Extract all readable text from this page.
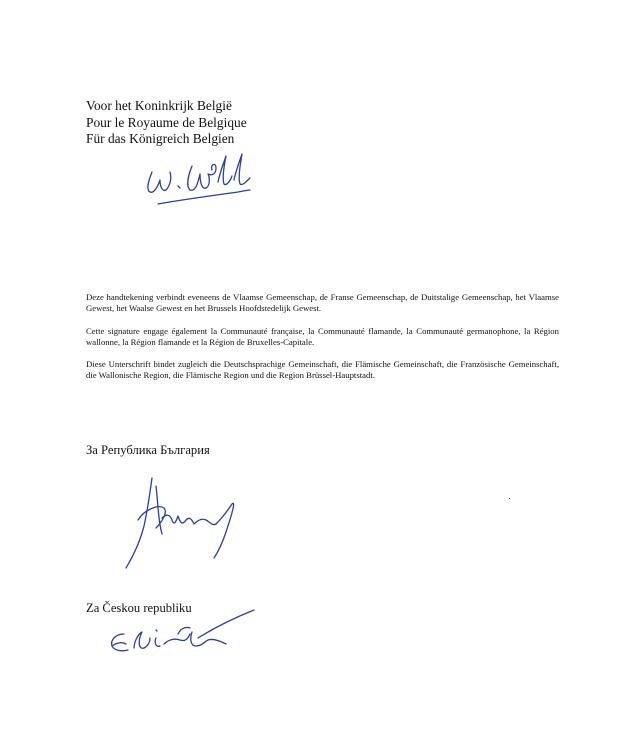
Voor het Koninkrijk België
Pour le Royaume de Belgique
Für das Königreich Belgien

Deze handtekening verbindt eveneens de Vlaamse Gemeenschap, de Franse Gemeenschap, de Duitstalige Gemeenschap, het Vlaamse Gewest, het Waalse Gewest en het Brussels Hoofdstedelijk Gewest.

Cette signature engage également la Communauté française, la Communauté flamande, la Communauté germanophone, la Région wallonne, la Région flamande et la Région de Bruxelles-Capitale.

Diese Unterschrift bindet zugleich die Deutschsprachige Gemeinschaft, die Flämische Gemeinschaft, die Französische Gemeinschaft, die Wallonische Region, die Flämische Region und die Region Brüssel-Hauptstadt.

За Република България
Za Českou republiku
